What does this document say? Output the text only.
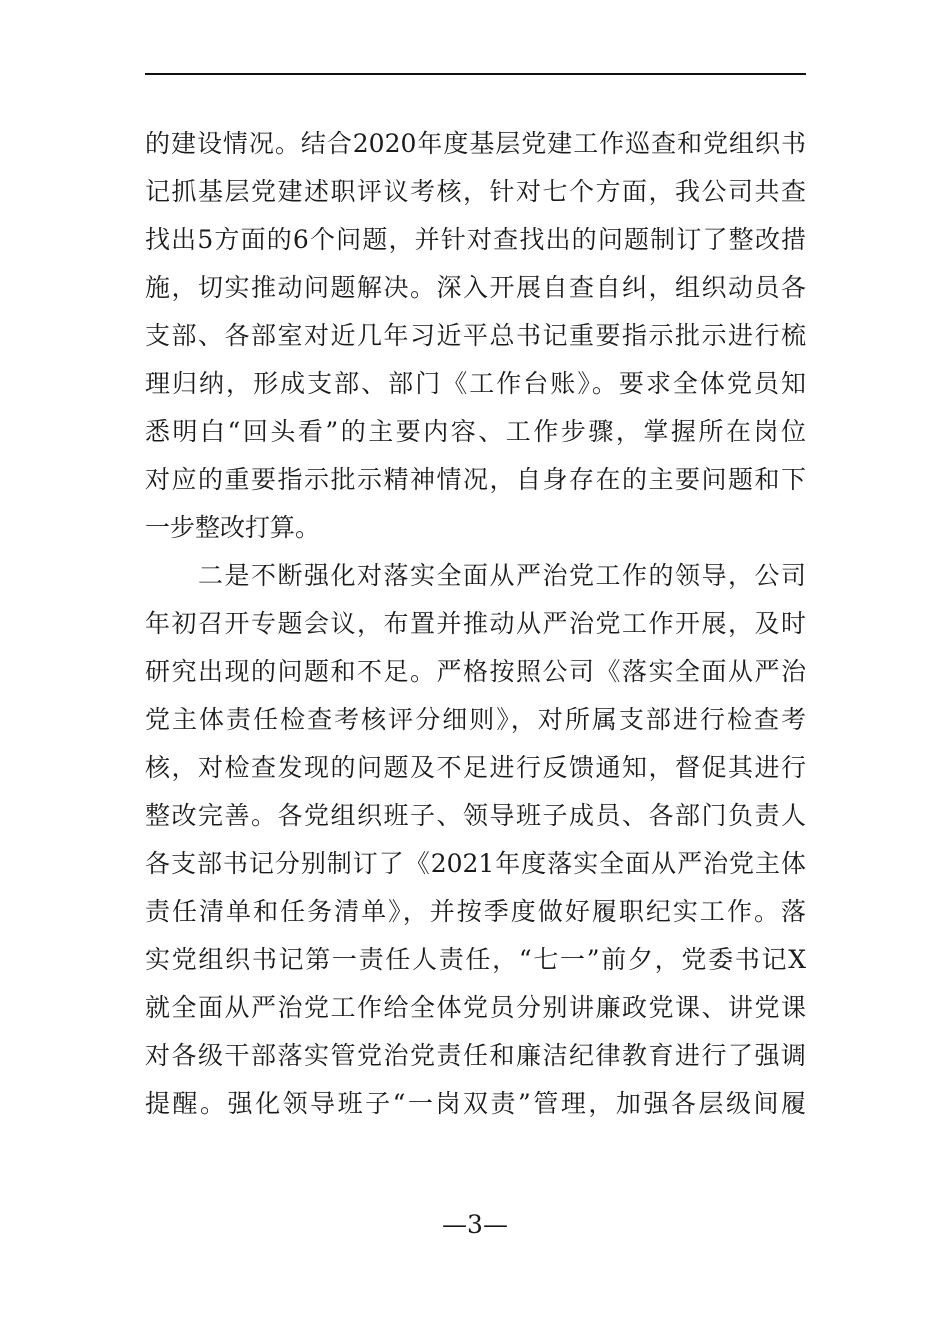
的建设情况。结合2020年度基层党建工作巡查和党组织书
记抓基层党建述职评议考核，针对七个方面，我公司共查
找出5方面的6个问题，并针对查找出的问题制订了整改措
施，切实推动问题解决。深入开展自查自纠，组织动员各
支部、各部室对近几年习近平总书记重要指示批示进行梳
理归纳，形成支部、部门《工作台账》。要求全体党员知
悉明白“回头看”的主要内容、工作步骤，掌握所在岗位
对应的重要指示批示精神情况，自身存在的主要问题和下
一步整改打算。
　　二是不断强化对落实全面从严治党工作的领导，公司
年初召开专题会议，布置并推动从严治党工作开展，及时
研究出现的问题和不足。严格按照公司《落实全面从严治
党主体责任检查考核评分细则》，对所属支部进行检查考
核，对检查发现的问题及不足进行反馈通知，督促其进行
整改完善。各党组织班子、领导班子成员、各部门负责人
各支部书记分别制订了《2021年度落实全面从严治党主体
责任清单和任务清单》，并按季度做好履职纪实工作。落
实党组织书记第一责任人责任，“七一”前夕，党委书记X
就全面从严治党工作给全体党员分别讲廉政党课、讲党课
对各级干部落实管党治党责任和廉洁纪律教育进行了强调
提醒。强化领导班子“一岗双责”管理，加强各层级间履
—3—
